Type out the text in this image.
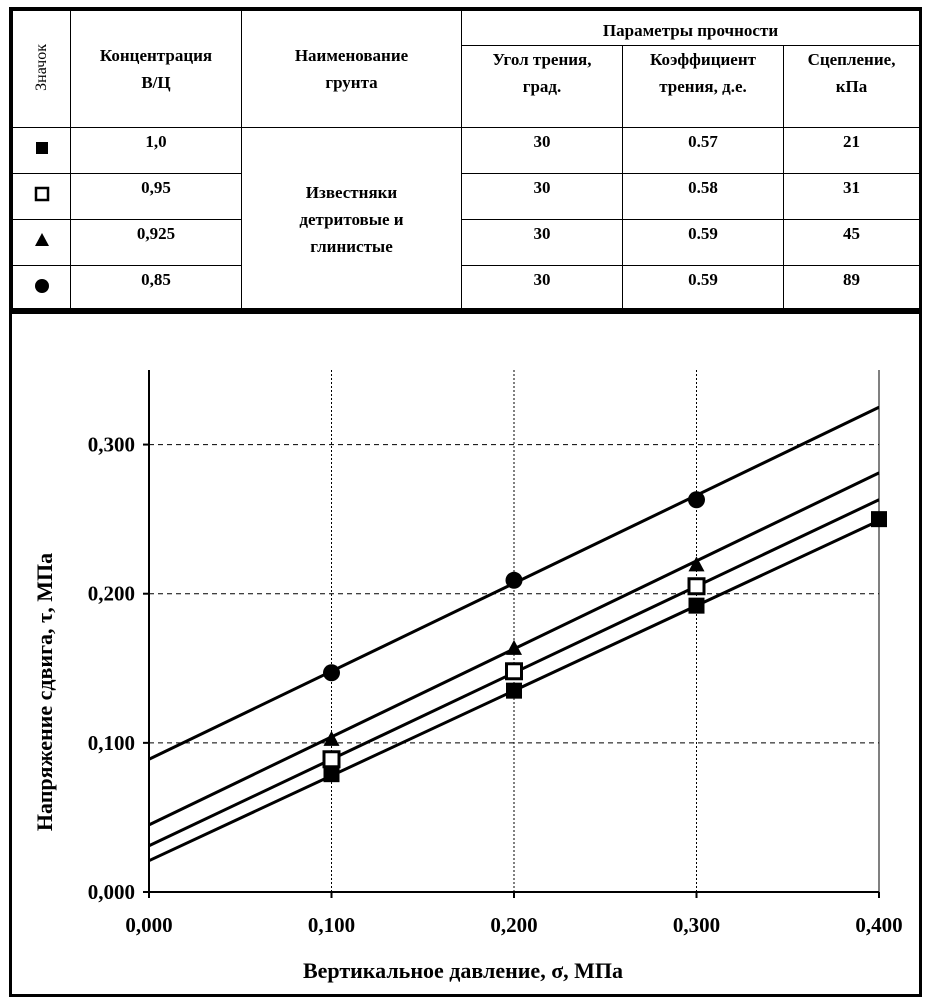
Значок	Концентрация В/Ц	Наименование грунта	Параметры прочности		
			Угол трения, град.	Коэффициент трения, д.е.	Сцепление, кПа
	1,0	Известняки детритовые и глинистые	30	0.57	21
	0,95		30	0.58	31
	0,925		30	0.59	45
	0,85		30	0.59	89
0,000	0,100	0,200	0,300	0,400
0,000
0,100
0,200
0,300
Вертикальное давление, σ, МПа
Напряжение сдвига, τ, МПа
